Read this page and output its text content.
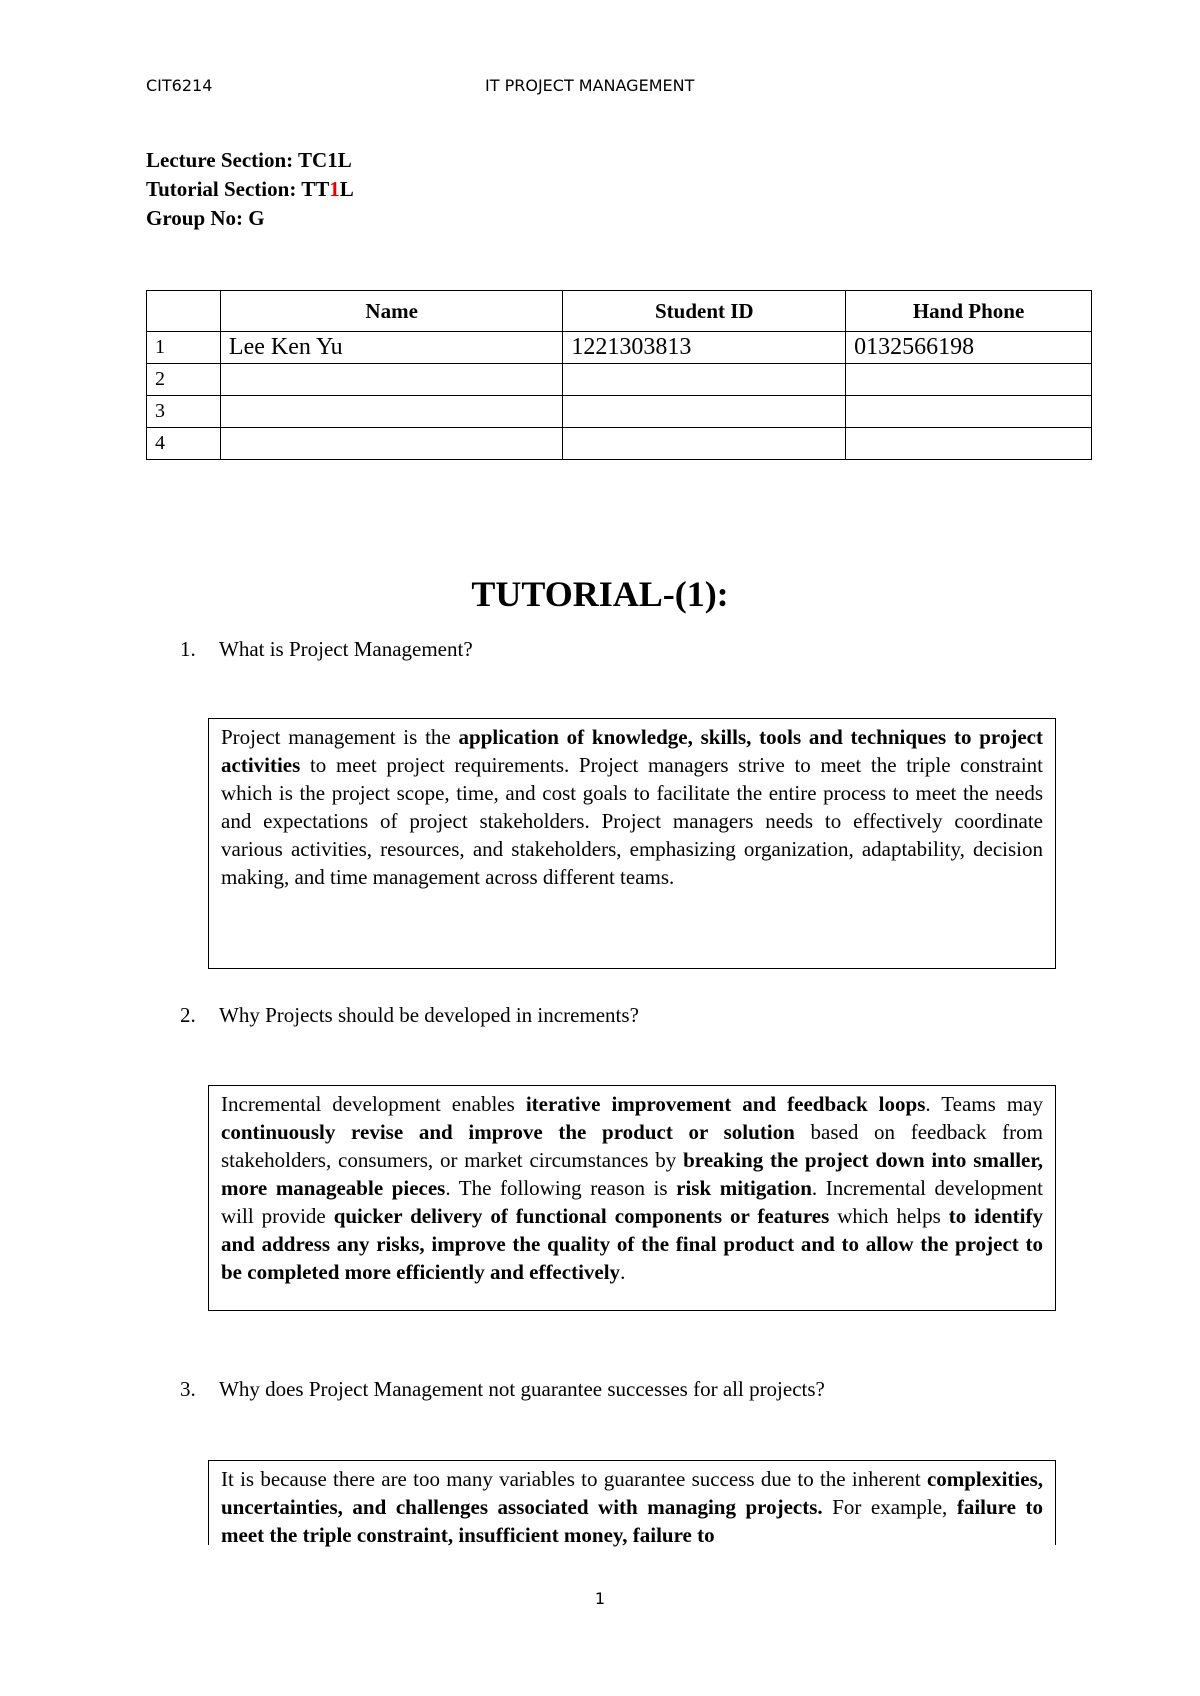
CIT6214	IT PROJECT MANAGEMENT
Lecture Section: TC1L
Tutorial Section: TT1L
Group No: G
	Name	Student ID	Hand Phone
1	Lee Ken Yu	1221303813	0132566198
2			
3			
4			
TUTORIAL-(1):
1. What is Project Management?
Project management is the application of knowledge, skills, tools and techniques to project activities to meet project requirements. Project managers strive to meet the triple constraint which is the project scope, time, and cost goals to facilitate the entire process to meet the needs and expectations of project stakeholders. Project managers needs to effectively coordinate various activities, resources, and stakeholders, emphasizing organization, adaptability, decision making, and time management across different teams.
2. Why Projects should be developed in increments?
Incremental development enables iterative improvement and feedback loops. Teams may continuously revise and improve the product or solution based on feedback from stakeholders, consumers, or market circumstances by breaking the project down into smaller, more manageable pieces. The following reason is risk mitigation. Incremental development will provide quicker delivery of functional components or features which helps to identify and address any risks, improve the quality of the final product and to allow the project to be completed more efficiently and effectively.
3. Why does Project Management not guarantee successes for all projects?
It is because there are too many variables to guarantee success due to the inherent complexities, uncertainties, and challenges associated with managing projects. For example, failure to meet the triple constraint, insufficient money, failure to
1
